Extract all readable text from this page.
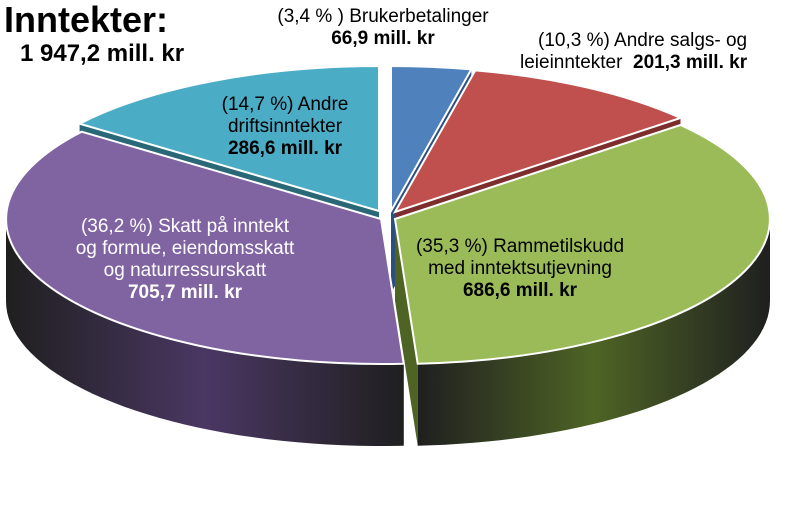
Inntekter:
1 947,2 mill. kr
(3,4 % ) Brukerbetalinger
66,9 mill. kr	(10,3 %) Andre salgs- og
leieinntekter 201,3 mill. kr
(14,7 %) Andre
driftsinntekter
286,6 mill. kr
(35,3 %) Rammetilskudd
med inntektsutjevning
686,6 mill. kr
(36,2 %) Skatt på inntekt
og formue, eiendomsskatt
og naturressurskatt
705,7 mill. kr
